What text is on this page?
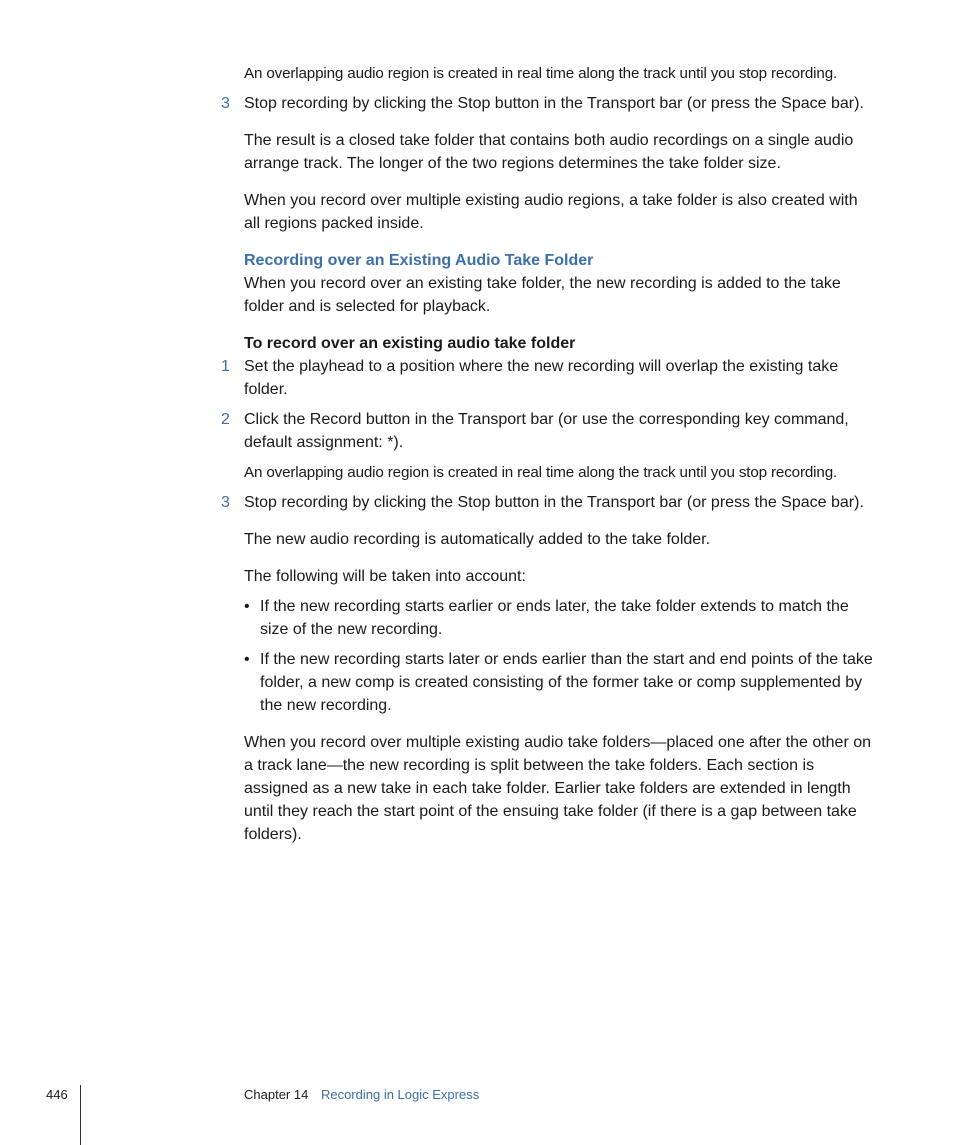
An overlapping audio region is created in real time along the track until you stop recording.

3 Stop recording by clicking the Stop button in the Transport bar (or press the Space bar).

The result is a closed take folder that contains both audio recordings on a single audio arrange track. The longer of the two regions determines the take folder size.

When you record over multiple existing audio regions, a take folder is also created with all regions packed inside.

Recording over an Existing Audio Take Folder

When you record over an existing take folder, the new recording is added to the take folder and is selected for playback.

To record over an existing audio take folder

1 Set the playhead to a position where the new recording will overlap the existing take folder.
2 Click the Record button in the Transport bar (or use the corresponding key command, default assignment: *).

An overlapping audio region is created in real time along the track until you stop recording.

3 Stop recording by clicking the Stop button in the Transport bar (or press the Space bar).

The new audio recording is automatically added to the take folder.

The following will be taken into account:

• If the new recording starts earlier or ends later, the take folder extends to match the size of the new recording.
• If the new recording starts later or ends earlier than the start and end points of the take folder, a new comp is created consisting of the former take or comp supplemented by the new recording.

When you record over multiple existing audio take folders—placed one after the other on a track lane—the new recording is split between the take folders. Each section is assigned as a new take in each take folder. Earlier take folders are extended in length until they reach the start point of the ensuing take folder (if there is a gap between take folders).

446	Chapter 14 Recording in Logic Express
